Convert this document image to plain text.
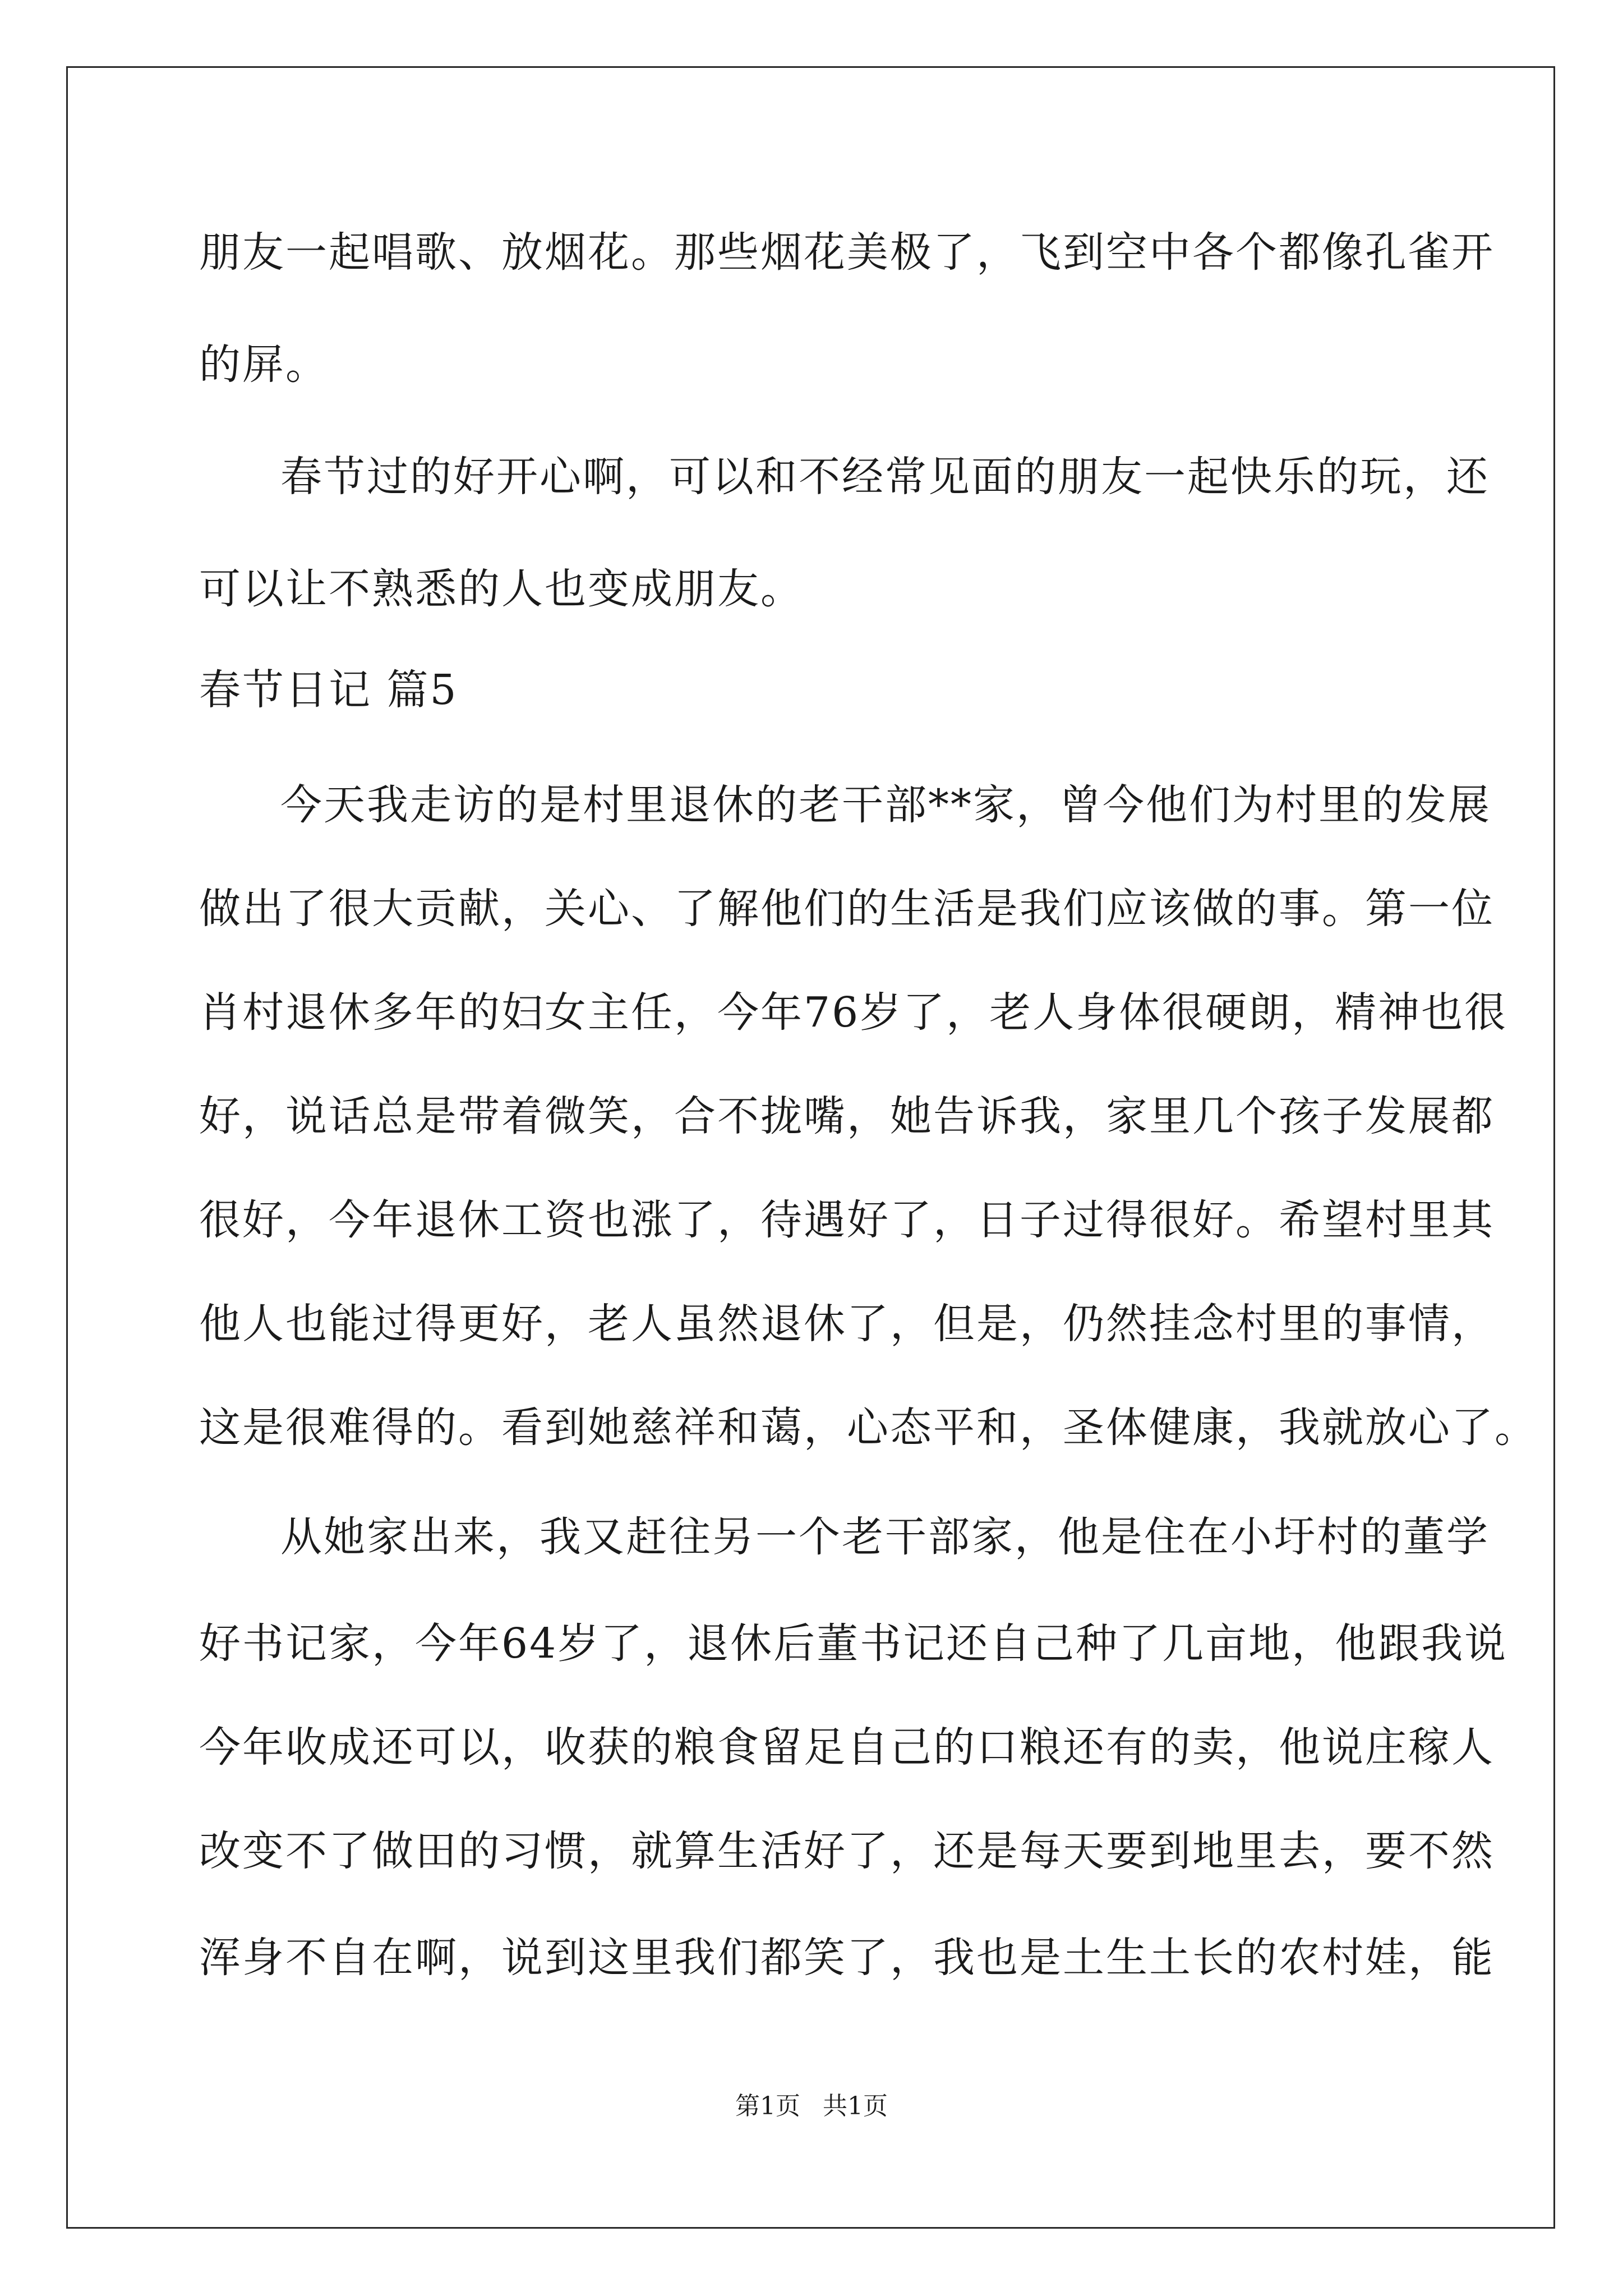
朋友一起唱歌、放烟花。那些烟花美极了，飞到空中各个都像孔雀开
的屏。
春节过的好开心啊，可以和不经常见面的朋友一起快乐的玩，还
可以让不熟悉的人也变成朋友。
春节日记 篇5
今天我走访的是村里退休的老干部**家，曾今他们为村里的发展
做出了很大贡献，关心、了解他们的生活是我们应该做的事。第一位
肖村退休多年的妇女主任，今年76岁了，老人身体很硬朗，精神也很
好，说话总是带着微笑，合不拢嘴，她告诉我，家里几个孩子发展都
很好，今年退休工资也涨了，待遇好了，日子过得很好。希望村里其
他人也能过得更好，老人虽然退休了，但是，仍然挂念村里的事情，
这是很难得的。看到她慈祥和蔼，心态平和，圣体健康，我就放心了。
从她家出来，我又赶往另一个老干部家，他是住在小圩村的董学
好书记家，今年64岁了，退休后董书记还自己种了几亩地，他跟我说
今年收成还可以，收获的粮食留足自己的口粮还有的卖，他说庄稼人
改变不了做田的习惯，就算生活好了，还是每天要到地里去，要不然
浑身不自在啊，说到这里我们都笑了，我也是土生土长的农村娃，能
第1页 共1页
